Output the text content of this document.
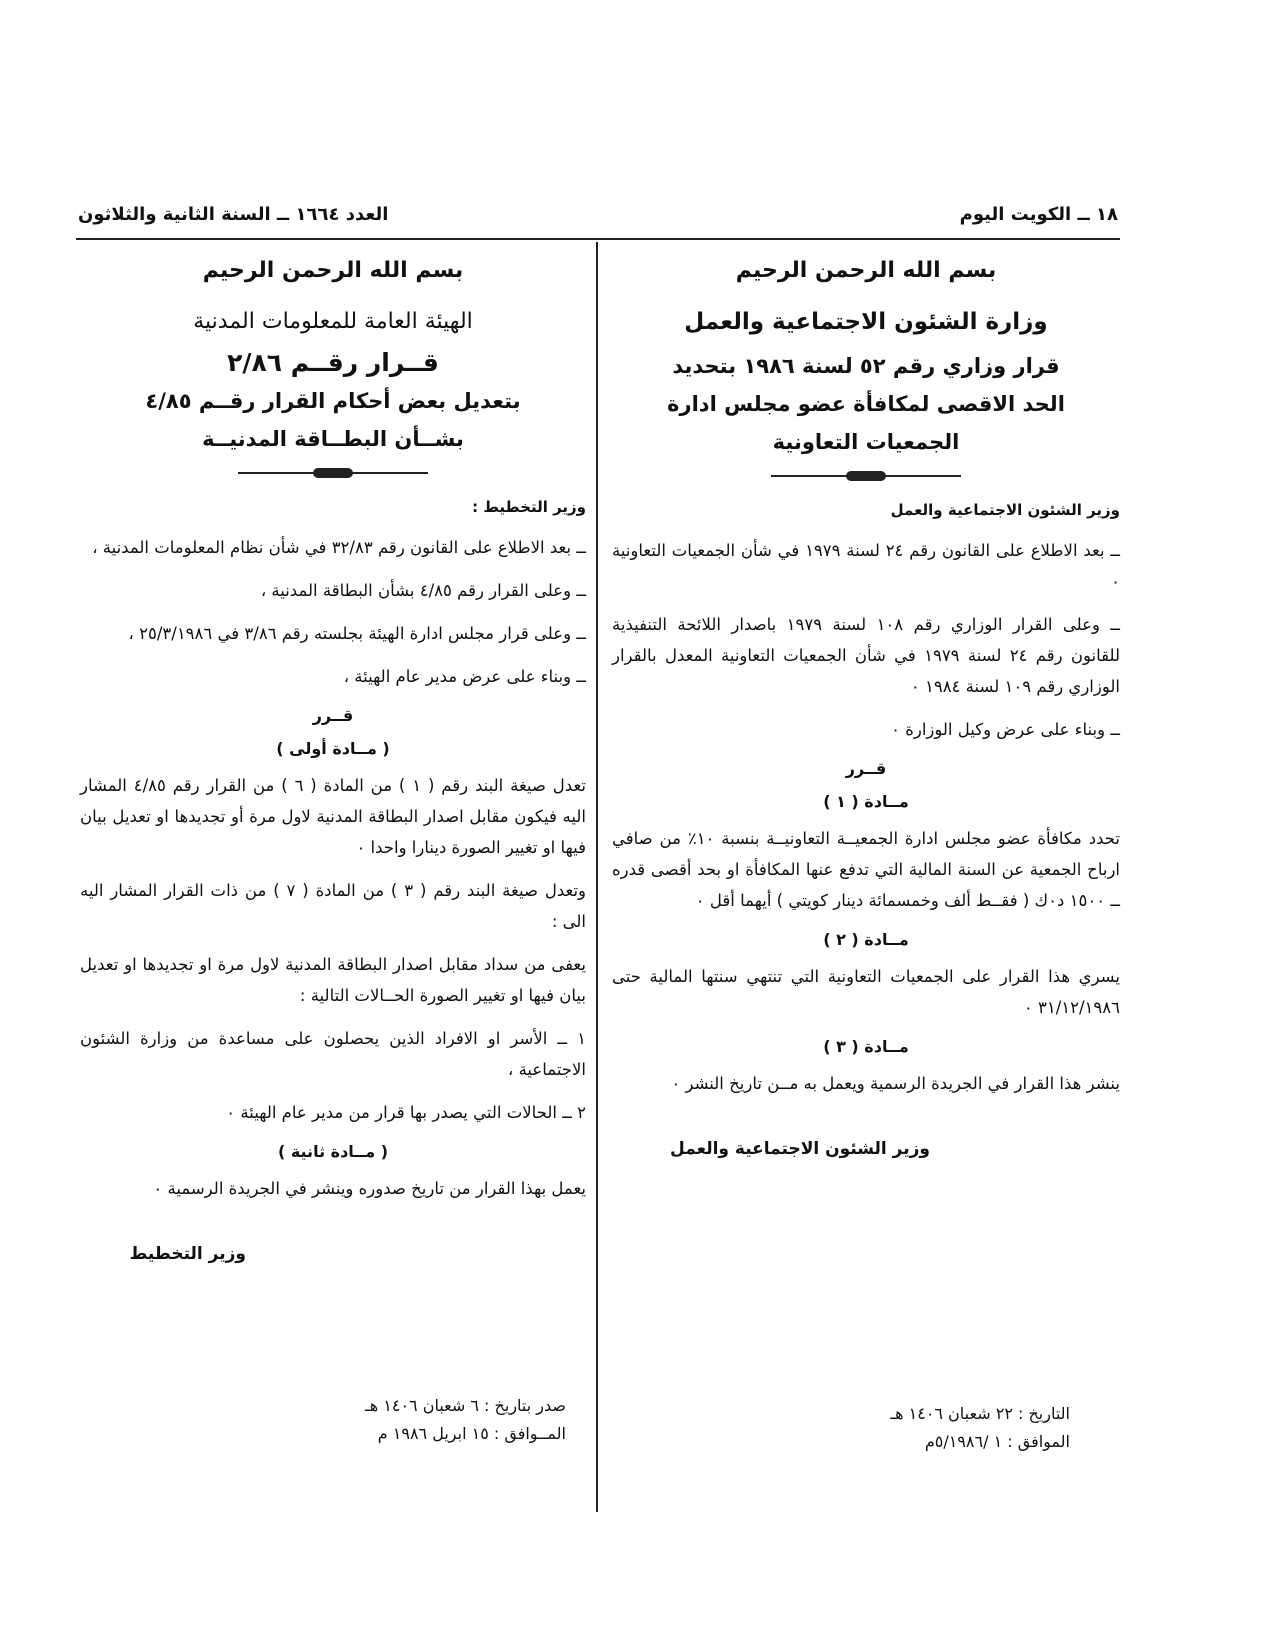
١٨ ــ الكويت اليوم
العدد ١٦٦٤ ــ السنة الثانية والثلاثون
بسم الله الرحمن الرحيم
وزارة الشئون الاجتماعية والعمل

قرار وزاري رقم ٥٢ لسنة ١٩٨٦ بتحديد

الحد الاقصى لمكافأة عضو مجلس ادارة

الجمعيات التعاونية

وزير الشئون الاجتماعية والعمل

ــ بعد الاطلاع على القانون رقم ٢٤ لسنة ١٩٧٩ في شأن الجمعيات التعاونية ٠

ــ وعلى القرار الوزاري رقم ١٠٨ لسنة ١٩٧٩ باصدار اللائحة التنفيذية للقانون رقم ٢٤ لسنة ١٩٧٩ في شأن الجمعيات التعاونية المعدل بالقرار الوزاري رقم ١٠٩ لسنة ١٩٨٤ ٠

ــ وبناء على عرض وكيل الوزارة ٠

قــرر
مــادة ( ١ )

تحدد مكافأة عضو مجلس ادارة الجمعيــة التعاونيــة بنسبة ١٠٪ من صافي ارباح الجمعية عن السنة المالية التي تدفع عنها المكافأة او بحد أقصى قدره ــ ١٥٠٠ د٠ك ( فقــط ألف وخمسمائة دينار كويتي ) أيهما أقل ٠

مــادة ( ٢ )

يسري هذا القرار على الجمعيات التعاونية التي تنتهي سنتها المالية حتى ٣١/١٢/١٩٨٦ ٠

مــادة ( ٣ )

ينشر هذا القرار في الجريدة الرسمية ويعمل به مــن تاريخ النشر ٠

وزير الشئون الاجتماعية والعمل
التاريخ : ٢٢ شعبان ١٤٠٦ هـ
الموافق : ١ /٥/١٩٨٦م
بسم الله الرحمن الرحيم
الهيئة العامة للمعلومات المدنية

قــرار رقــم ٢/٨٦

بتعديل بعض أحكام القرار رقــم ٤/٨٥

بشــأن البطــاقة المدنيــة

وزير التخطيط :

ــ بعد الاطلاع على القانون رقم ٣٢/٨٣ في شأن نظام المعلومات المدنية ،

ــ وعلى القرار رقم ٤/٨٥ بشأن البطاقة المدنية ،

ــ وعلى قرار مجلس ادارة الهيئة بجلسته رقم ٣/٨٦ في ٢٥/٣/١٩٨٦ ،

ــ وبناء على عرض مدير عام الهيئة ،

قــرر
( مــادة أولى )

تعدل صيغة البند رقم ( ١ ) من المادة ( ٦ ) من القرار رقم ٤/٨٥ المشار اليه فيكون مقابل اصدار البطاقة المدنية لاول مرة أو تجديدها او تعديل بيان فيها او تغيير الصورة دينارا واحدا ٠

وتعدل صيغة البند رقم ( ٣ ) من المادة ( ٧ ) من ذات القرار المشار اليه الى :

يعفى من سداد مقابل اصدار البطاقة المدنية لاول مرة او تجديدها او تعديل بيان فيها او تغيير الصورة الحــالات التالية :

١ ــ الأسر او الافراد الذين يحصلون على مساعدة من وزارة الشئون الاجتماعية ،

٢ ــ الحالات التي يصدر بها قرار من مدير عام الهيئة ٠

( مــادة ثانية )

يعمل بهذا القرار من تاريخ صدوره وينشر في الجريدة الرسمية ٠

وزير التخطيط
صدر بتاريخ : ٦ شعبان ١٤٠٦ هـ
المــوافق : ١٥ ابريل ١٩٨٦ م
